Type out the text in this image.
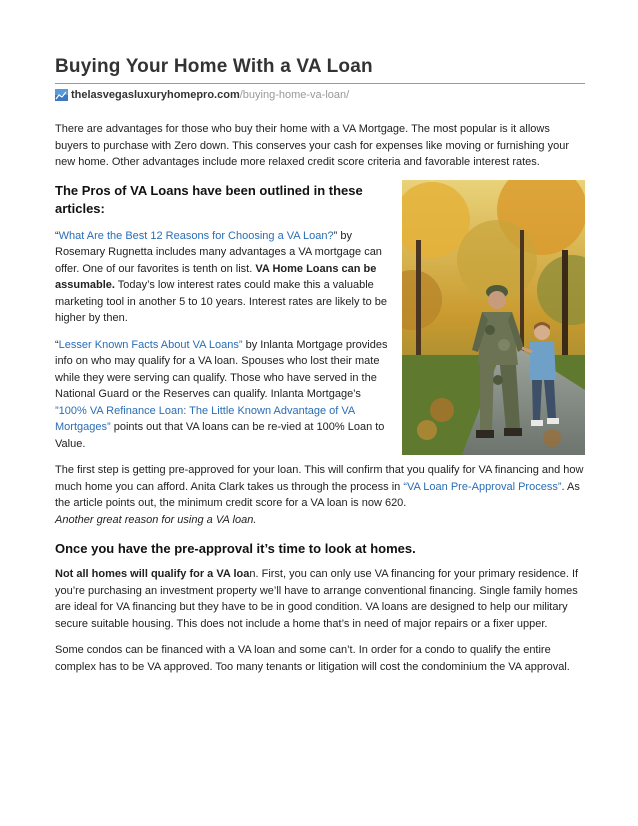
Buying Your Home With a VA Loan
thelasvegasluxuryhomepro.com/buying-home-va-loan/

There are advantages for those who buy their home with a VA Mortgage. The most popular is it allows buyers to purchase with Zero down. This conserves your cash for expenses like moving or furnishing your new home. Other advantages include more relaxed credit score criteria and favorable interest rates.

The Pros of VA Loans have been outlined in these articles:

“What Are the Best 12 Reasons for Choosing a VA Loan?” by Rosemary Rugnetta includes many advantages a VA mortgage can offer. One of our favorites is tenth on list. VA Home Loans can be assumable. Today’s low interest rates could make this a valuable marketing tool in another 5 to 10 years. Interest rates are likely to be higher by then.

“Lesser Known Facts About VA Loans” by Inlanta Mortgage provides info on who may qualify for a VA loan. Spouses who lost their mate while they were serving can qualify. Those who have served in the National Guard or the Reserves can qualify. Inlanta Mortgage’s
”100% VA Refinance Loan: The Little Known Advantage of VA Mortgages” points out that VA loans can be re-vied at 100% Loan to Value.

The first step is getting pre-approved for your loan. This will confirm that you qualify for VA financing and how much home you can afford. Anita Clark takes us through the process in “VA Loan Pre-Approval Process”. As the article points out, the minimum credit score for a VA loan is now 620.
Another great reason for using a VA loan.

Once you have the pre-approval it’s time to look at homes.

Not all homes will qualify for a VA loan. First, you can only use VA financing for your primary residence. If you’re purchasing an investment property we’ll have to arrange conventional financing. Single family homes are ideal for VA financing but they have to be in good condition. VA loans are designed to help our military secure suitable housing. This does not include a home that’s in need of major repairs or a fixer upper.

Some condos can be financed with a VA loan and some can’t. In order for a condo to qualify the entire complex has to be VA approved. Too many tenants or litigation will cost the condominium the VA approval.
